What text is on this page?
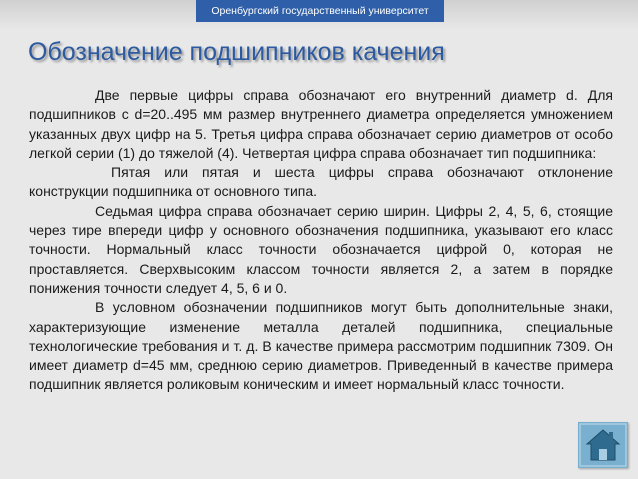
Оренбургский государственный университет
Обозначение подшипников качения

Две первые цифры справа обозначают его внутренний диаметр d. Для подшипников с d=20..495 мм размер внутреннего диаметра определяется умножением указанных двух цифр на 5. Третья цифра справа обозначает серию диаметров от особо легкой серии (1) до тяжелой (4). Четвертая цифра справа обозначает тип подшипника:

Пятая или пятая и шеста цифры справа обозначают отклонение конструкции подшипника от основного типа.

Седьмая цифра справа обозначает серию ширин. Цифры 2, 4, 5, 6, стоящие через тире впереди цифр у основного обозначения подшипника, указывают его класс точности. Нормальный класс точности обозначается цифрой 0, которая не проставляется. Сверхвысоким классом точности является 2, а затем в порядке понижения точности следует 4, 5, 6 и 0.

В условном обозначении подшипников могут быть дополнительные знаки, характеризующие изменение металла деталей подшипника, специальные технологические требования и т. д. В качестве примера рассмотрим подшипник 7309. Он имеет диаметр d=45 мм, среднюю серию диаметров. Приведенный в качестве примера подшипник является роликовым коническим и имеет нормальный класс точности.
